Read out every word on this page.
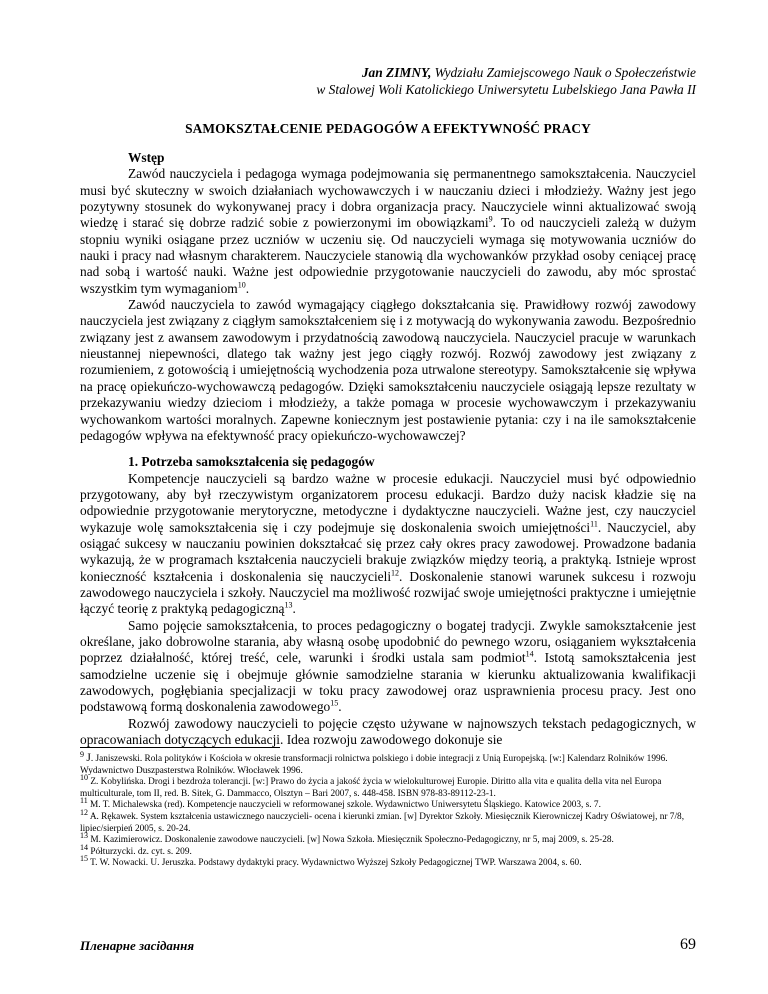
Jan ZIMNY, Wydziału Zamiejscowego Nauk o Społeczeństwie
w Stalowej Woli Katolickiego Uniwersytetu Lubelskiego Jana Pawła II
SAMOKSZTAŁCENIE PEDAGOGÓW A EFEKTYWNOŚĆ PRACY

Wstęp

Zawód nauczyciela i pedagoga wymaga podejmowania się permanentnego samokształcenia. Nauczyciel musi być skuteczny w swoich działaniach wychowawczych i w nauczaniu dzieci i młodzieży. Ważny jest jego pozytywny stosunek do wykonywanej pracy i dobra organizacja pracy. Nauczyciele winni aktualizować swoją wiedzę i starać się dobrze radzić sobie z powierzonymi im obowiązkami$^9$. To od nauczycieli zależą w dużym stopniu wyniki osiągane przez uczniów w uczeniu się. Od nauczycieli wymaga się motywowania uczniów do nauki i pracy nad własnym charakterem. Nauczyciele stanowią dla wychowanków przykład osoby ceniącej pracę nad sobą i wartość nauki. Ważne jest odpowiednie przygotowanie nauczycieli do zawodu, aby móc sprostać wszystkim tym wymaganiom$^{10}$.

Zawód nauczyciela to zawód wymagający ciągłego dokształcania się. Prawidłowy rozwój zawodowy nauczyciela jest związany z ciągłym samokształceniem się i z motywacją do wykonywania zawodu. Bezpośrednio związany jest z awansem zawodowym i przydatnością zawodową nauczyciela. Nauczyciel pracuje w warunkach nieustannej niepewności, dlatego tak ważny jest jego ciągły rozwój. Rozwój zawodowy jest związany z rozumieniem, z gotowością i umiejętnością wychodzenia poza utrwalone stereotypy. Samokształcenie się wpływa na pracę opiekuńczo-wychowawczą pedagogów. Dzięki samokształceniu nauczyciele osiągają lepsze rezultaty w przekazywaniu wiedzy dzieciom i młodzieży, a także pomaga w procesie wychowawczym i przekazywaniu wychowankom wartości moralnych. Zapewne koniecznym jest postawienie pytania: czy i na ile samokształcenie pedagogów wpływa na efektywność pracy opiekuńczo-wychowawczej?

1. Potrzeba samokształcenia się pedagogów

Kompetencje nauczycieli są bardzo ważne w procesie edukacji. Nauczyciel musi być odpowiednio przygotowany, aby był rzeczywistym organizatorem procesu edukacji. Bardzo duży nacisk kładzie się na odpowiednie przygotowanie merytoryczne, metodyczne i dydaktyczne nauczycieli. Ważne jest, czy nauczyciel wykazuje wolę samokształcenia się i czy podejmuje się doskonalenia swoich umiejętności$^{11}$. Nauczyciel, aby osiągać sukcesy w nauczaniu powinien dokształcać się przez cały okres pracy zawodowej. Prowadzone badania wykazują, że w programach kształcenia nauczycieli brakuje związków między teorią, a praktyką. Istnieje wprost konieczność kształcenia i doskonalenia się nauczycieli$^{12}$. Doskonalenie stanowi warunek sukcesu i rozwoju zawodowego nauczyciela i szkoły. Nauczyciel ma możliwość rozwijać swoje umiejętności praktyczne i umiejętnie łączyć teorię z praktyką pedagogiczną$^{13}$.

Samo pojęcie samokształcenia, to proces pedagogiczny o bogatej tradycji. Zwykle samokształcenie jest określane, jako dobrowolne starania, aby własną osobę upodobnić do pewnego wzoru, osiąganiem wykształcenia poprzez działalność, której treść, cele, warunki i środki ustala sam podmiot$^{14}$. Istotą samokształcenia jest samodzielne uczenie się i obejmuje głównie samodzielne starania w kierunku aktualizowania kwalifikacji zawodowych, pogłębiania specjalizacji w toku pracy zawodowej oraz usprawnienia procesu pracy. Jest ono podstawową formą doskonalenia zawodowego$^{15}$.

Rozwój zawodowy nauczycieli to pojęcie często używane w najnowszych tekstach pedagogicznych, w opracowaniach dotyczących edukacji. Idea rozwoju zawodowego dokonuje sie

$^9$ J. Janiszewski. Rola polityków i Kościoła w okresie transformacji rolnictwa polskiego i dobie integracji z Unią Europejską. [w:] Kalendarz Rolników 1996. Wydawnictwo Duszpasterstwa Rolników. Włocławek 1996.

$^{10}$ Z. Kobylińska. Drogi i bezdroża tolerancji. [w:] Prawo do życia a jakość życia w wielokulturowej Europie. Diritto alla vita e qualita della vita nel Europa multiculturale, tom II, red. B. Sitek, G. Dammacco, Olsztyn – Bari 2007, s. 448-458. ISBN 978-83-89112-23-1.

$^{11}$ M. T. Michalewska (red). Kompetencje nauczycieli w reformowanej szkole. Wydawnictwo Uniwersytetu Śląskiego. Katowice 2003, s. 7.

$^{12}$ A. Rękawek. System kształcenia ustawicznego nauczycieli- ocena i kierunki zmian. [w] Dyrektor Szkoły. Miesięcznik Kierowniczej Kadry Oświatowej, nr 7/8, lipiec/sierpień 2005, s. 20-24.

$^{13}$ M. Kazimierowicz. Doskonalenie zawodowe nauczycieli. [w] Nowa Szkoła. Miesięcznik Społeczno-Pedagogiczny, nr 5, maj 2009, s. 25-28.

$^{14}$ Półturzycki. dz. cyt. s. 209.

$^{15}$ T. W. Nowacki. U. Jeruszka. Podstawy dydaktyki pracy. Wydawnictwo Wyższej Szkoły Pedagogicznej TWP. Warszawa 2004, s. 60.

Пленарне засідання	69
